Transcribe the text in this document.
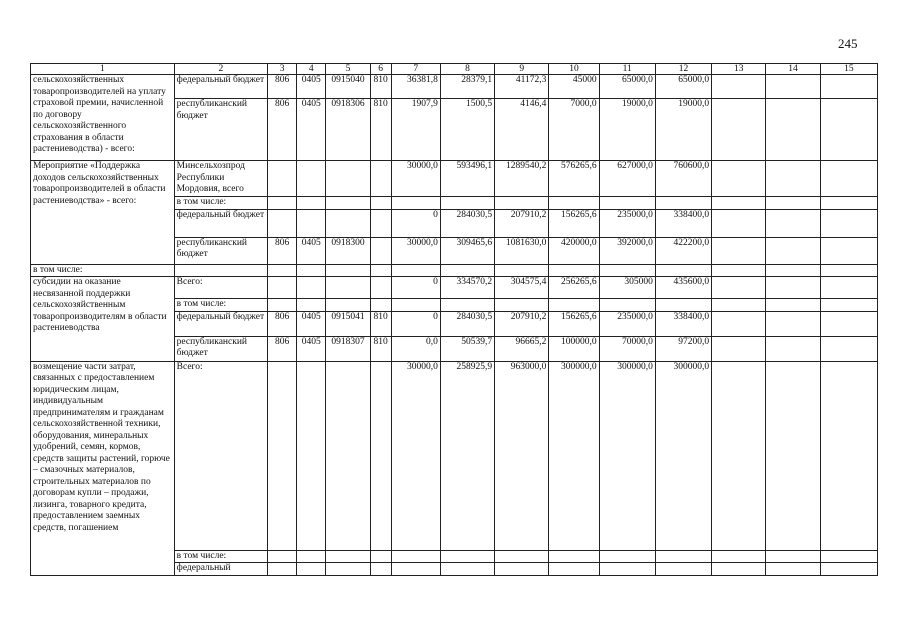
245
1	2	3	4	5	6	7	8	9	10	11	12	13	14	15
сельскохозяйственных товаропроизводителей на уплату страховой премии, начисленной по договору сельскохозяйственного страхования в области растениеводства) - всего:	федеральный бюджет	806	0405	0915040	810	36381,8	28379,1	41172,3	45000	65000,0	65000,0			
	республиканский бюджет	806	0405	0918306	810	1907,9	1500,5	4146,4	7000,0	19000,0	19000,0			
Мероприятие «Поддержка доходов сельскохозяйственных товаропроизводителей в области растениеводства» - всего:	Минсельхозпрод Республики Мордовия, всего					30000,0	593496,1	1289540,2	576265,6	627000,0	760600,0			
	в том числе:													
	федеральный бюджет					0	284030,5	207910,2	156265,6	235000,0	338400,0			
	республиканский бюджет	806	0405	0918300		30000,0	309465,6	1081630,0	420000,0	392000,0	422200,0			
в том числе:														
субсидии на оказание несвязанной поддержки сельскохозяйственным товаропроизводителям в области растениеводства	Всего:					0	334570,2	304575,4	256265,6	305000	435600,0			
	в том числе:													
	федеральный бюджет	806	0405	0915041	810	0	284030,5	207910,2	156265,6	235000,0	338400,0			
	республиканский бюджет	806	0405	0918307	810	0,0	50539,7	96665,2	100000,0	70000,0	97200,0			
возмещение части затрат, связанных с предоставлением юридическим лицам, индивидуальным предпринимателям и гражданам сельскохозяйственной техники, оборудования, минеральных удобрений, семян, кормов, средств защиты растений, горюче – смазочных материалов, строительных материалов по договорам купли – продажи, лизинга, товарного кредита, предоставлением заемных средств, погашением	Всего:					30000,0	258925,9	963000,0	300000,0	300000,0	300000,0			
	в том числе:													
	федеральный													
